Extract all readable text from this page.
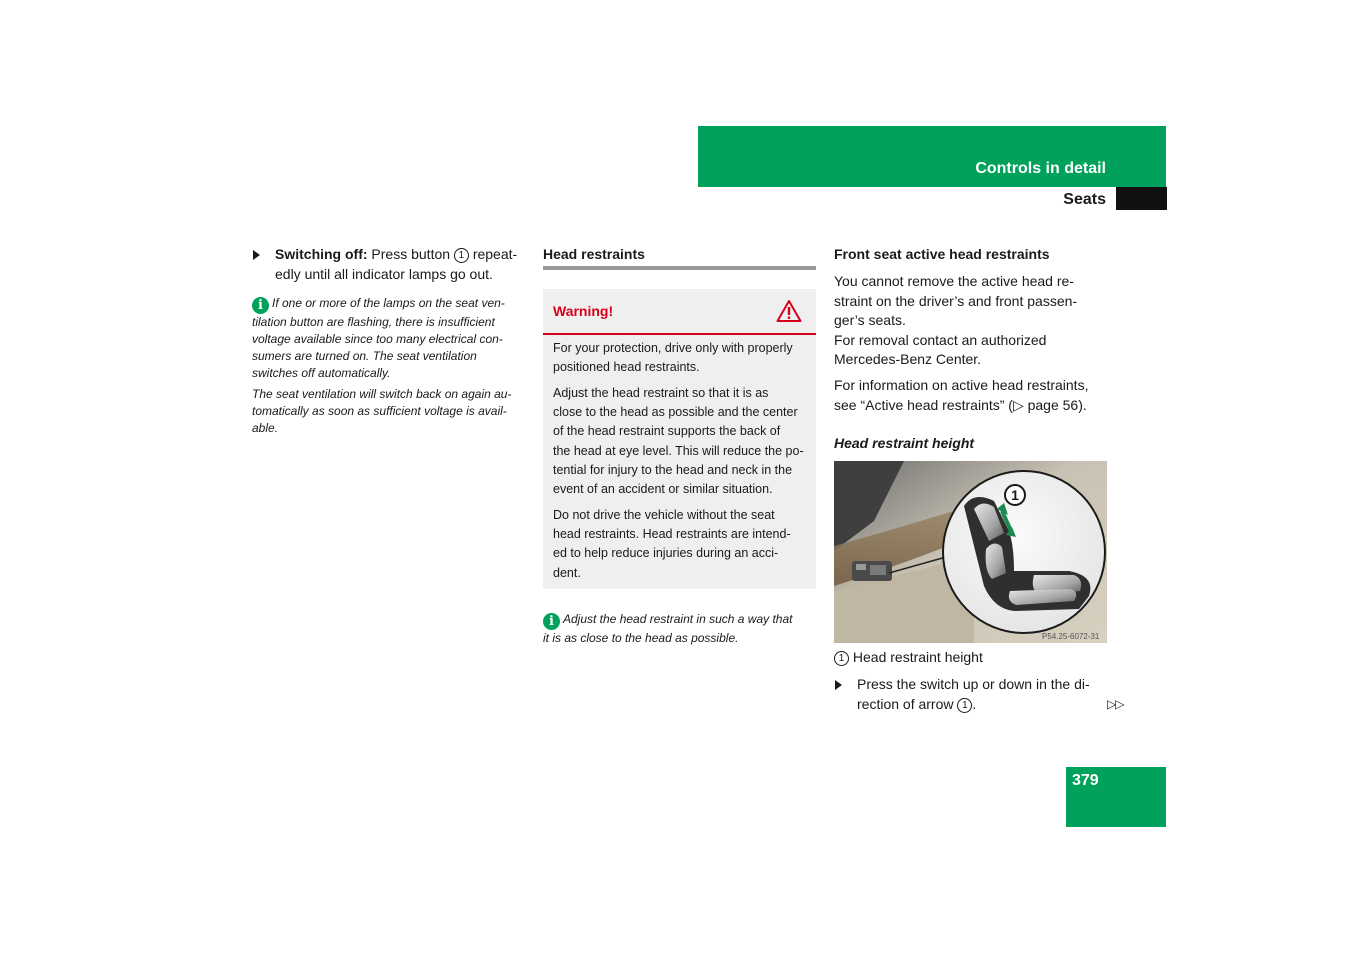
Controls in detail
Seats
Switching off: Press button 1 repeat-
edly until all indicator lamps go out.
i If one or more of the lamps on the seat ven-
tilation button are flashing, there is insufficient
voltage available since too many electrical con-
sumers are turned on. The seat ventilation
switches off automatically.
The seat ventilation will switch back on again au-
tomatically as soon as sufficient voltage is avail-
able.
Head restraints
Warning!
For your protection, drive only with properly
positioned head restraints.
Adjust the head restraint so that it is as
close to the head as possible and the center
of the head restraint supports the back of
the head at eye level. This will reduce the po-
tential for injury to the head and neck in the
event of an accident or similar situation.
Do not drive the vehicle without the seat
head restraints. Head restraints are intend-
ed to help reduce injuries during an acci-
dent.
i Adjust the head restraint in such a way that
it is as close to the head as possible.
Front seat active head restraints
You cannot remove the active head re-
straint on the driver’s and front passen-
ger’s seats.
For removal contact an authorized
Mercedes-Benz Center.
For information on active head restraints,
see “Active head restraints” (▷ page 56).
Head restraint height
1
P54.25-6072-31
1 Head restraint height
Press the switch up or down in the di-
rection of arrow 1 .	▷▷
379
